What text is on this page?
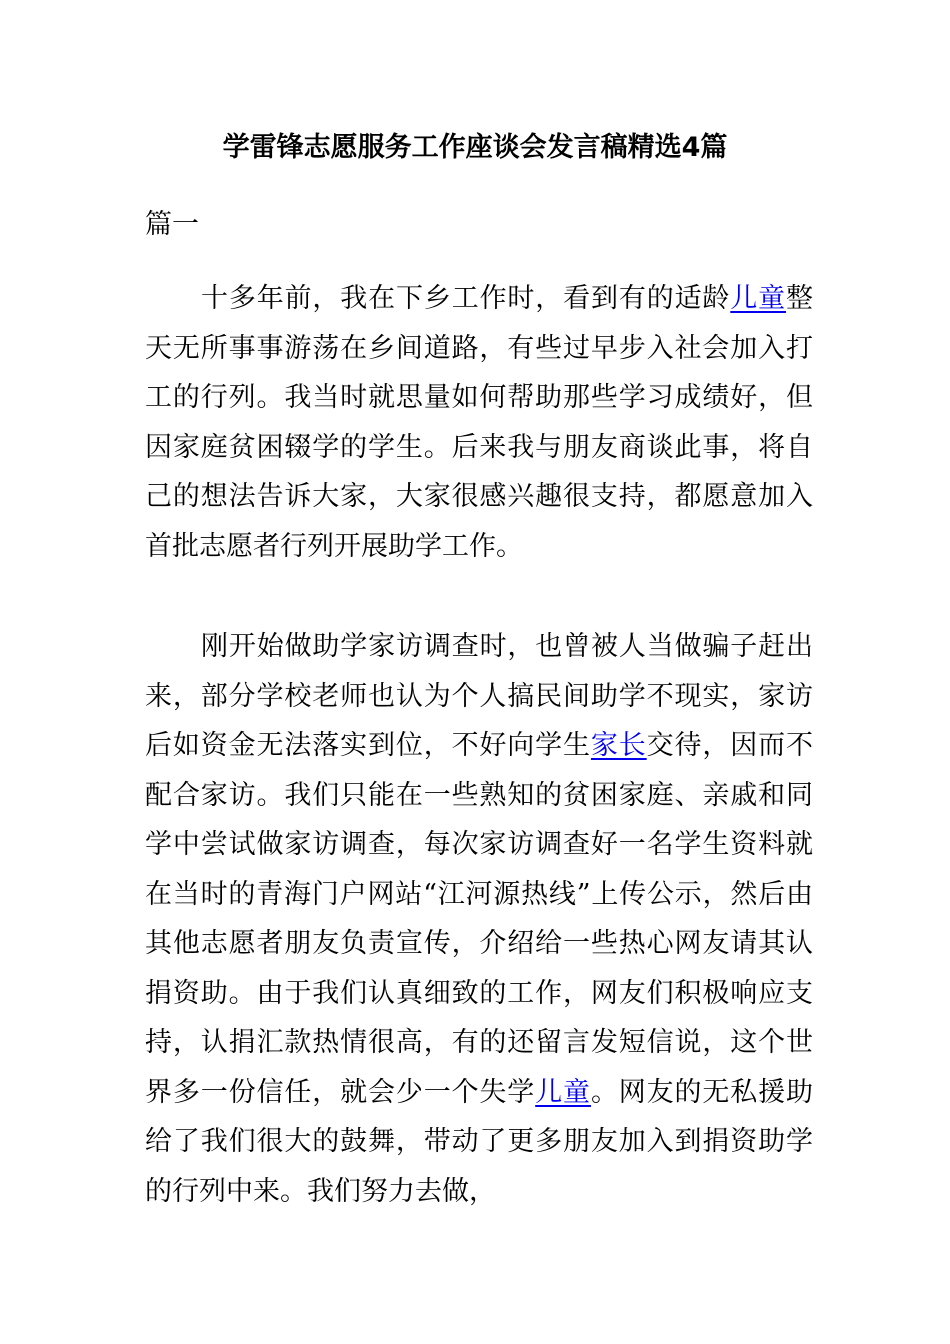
学雷锋志愿服务工作座谈会发言稿精选4篇
篇一

十多年前，我在下乡工作时，看到有的适龄儿童整天无所事事游荡在乡间道路，有些过早步入社会加入打工的行列。我当时就思量如何帮助那些学习成绩好，但因家庭贫困辍学的学生。后来我与朋友商谈此事，将自己的想法告诉大家，大家很感兴趣很支持，都愿意加入首批志愿者行列开展助学工作。

刚开始做助学家访调查时，也曾被人当做骗子赶出来，部分学校老师也认为个人搞民间助学不现实，家访后如资金无法落实到位，不好向学生家长交待，因而不配合家访。我们只能在一些熟知的贫困家庭、亲戚和同学中尝试做家访调查，每次家访调查好一名学生资料就在当时的青海门户网站“江河源热线”上传公示，然后由其他志愿者朋友负责宣传，介绍给一些热心网友请其认捐资助。由于我们认真细致的工作，网友们积极响应支持，认捐汇款热情很高，有的还留言发短信说，这个世界多一份信任，就会少一个失学儿童。网友的无私援助给了我们很大的鼓舞，带动了更多朋友加入到捐资助学的行列中来。我们努力去做，
